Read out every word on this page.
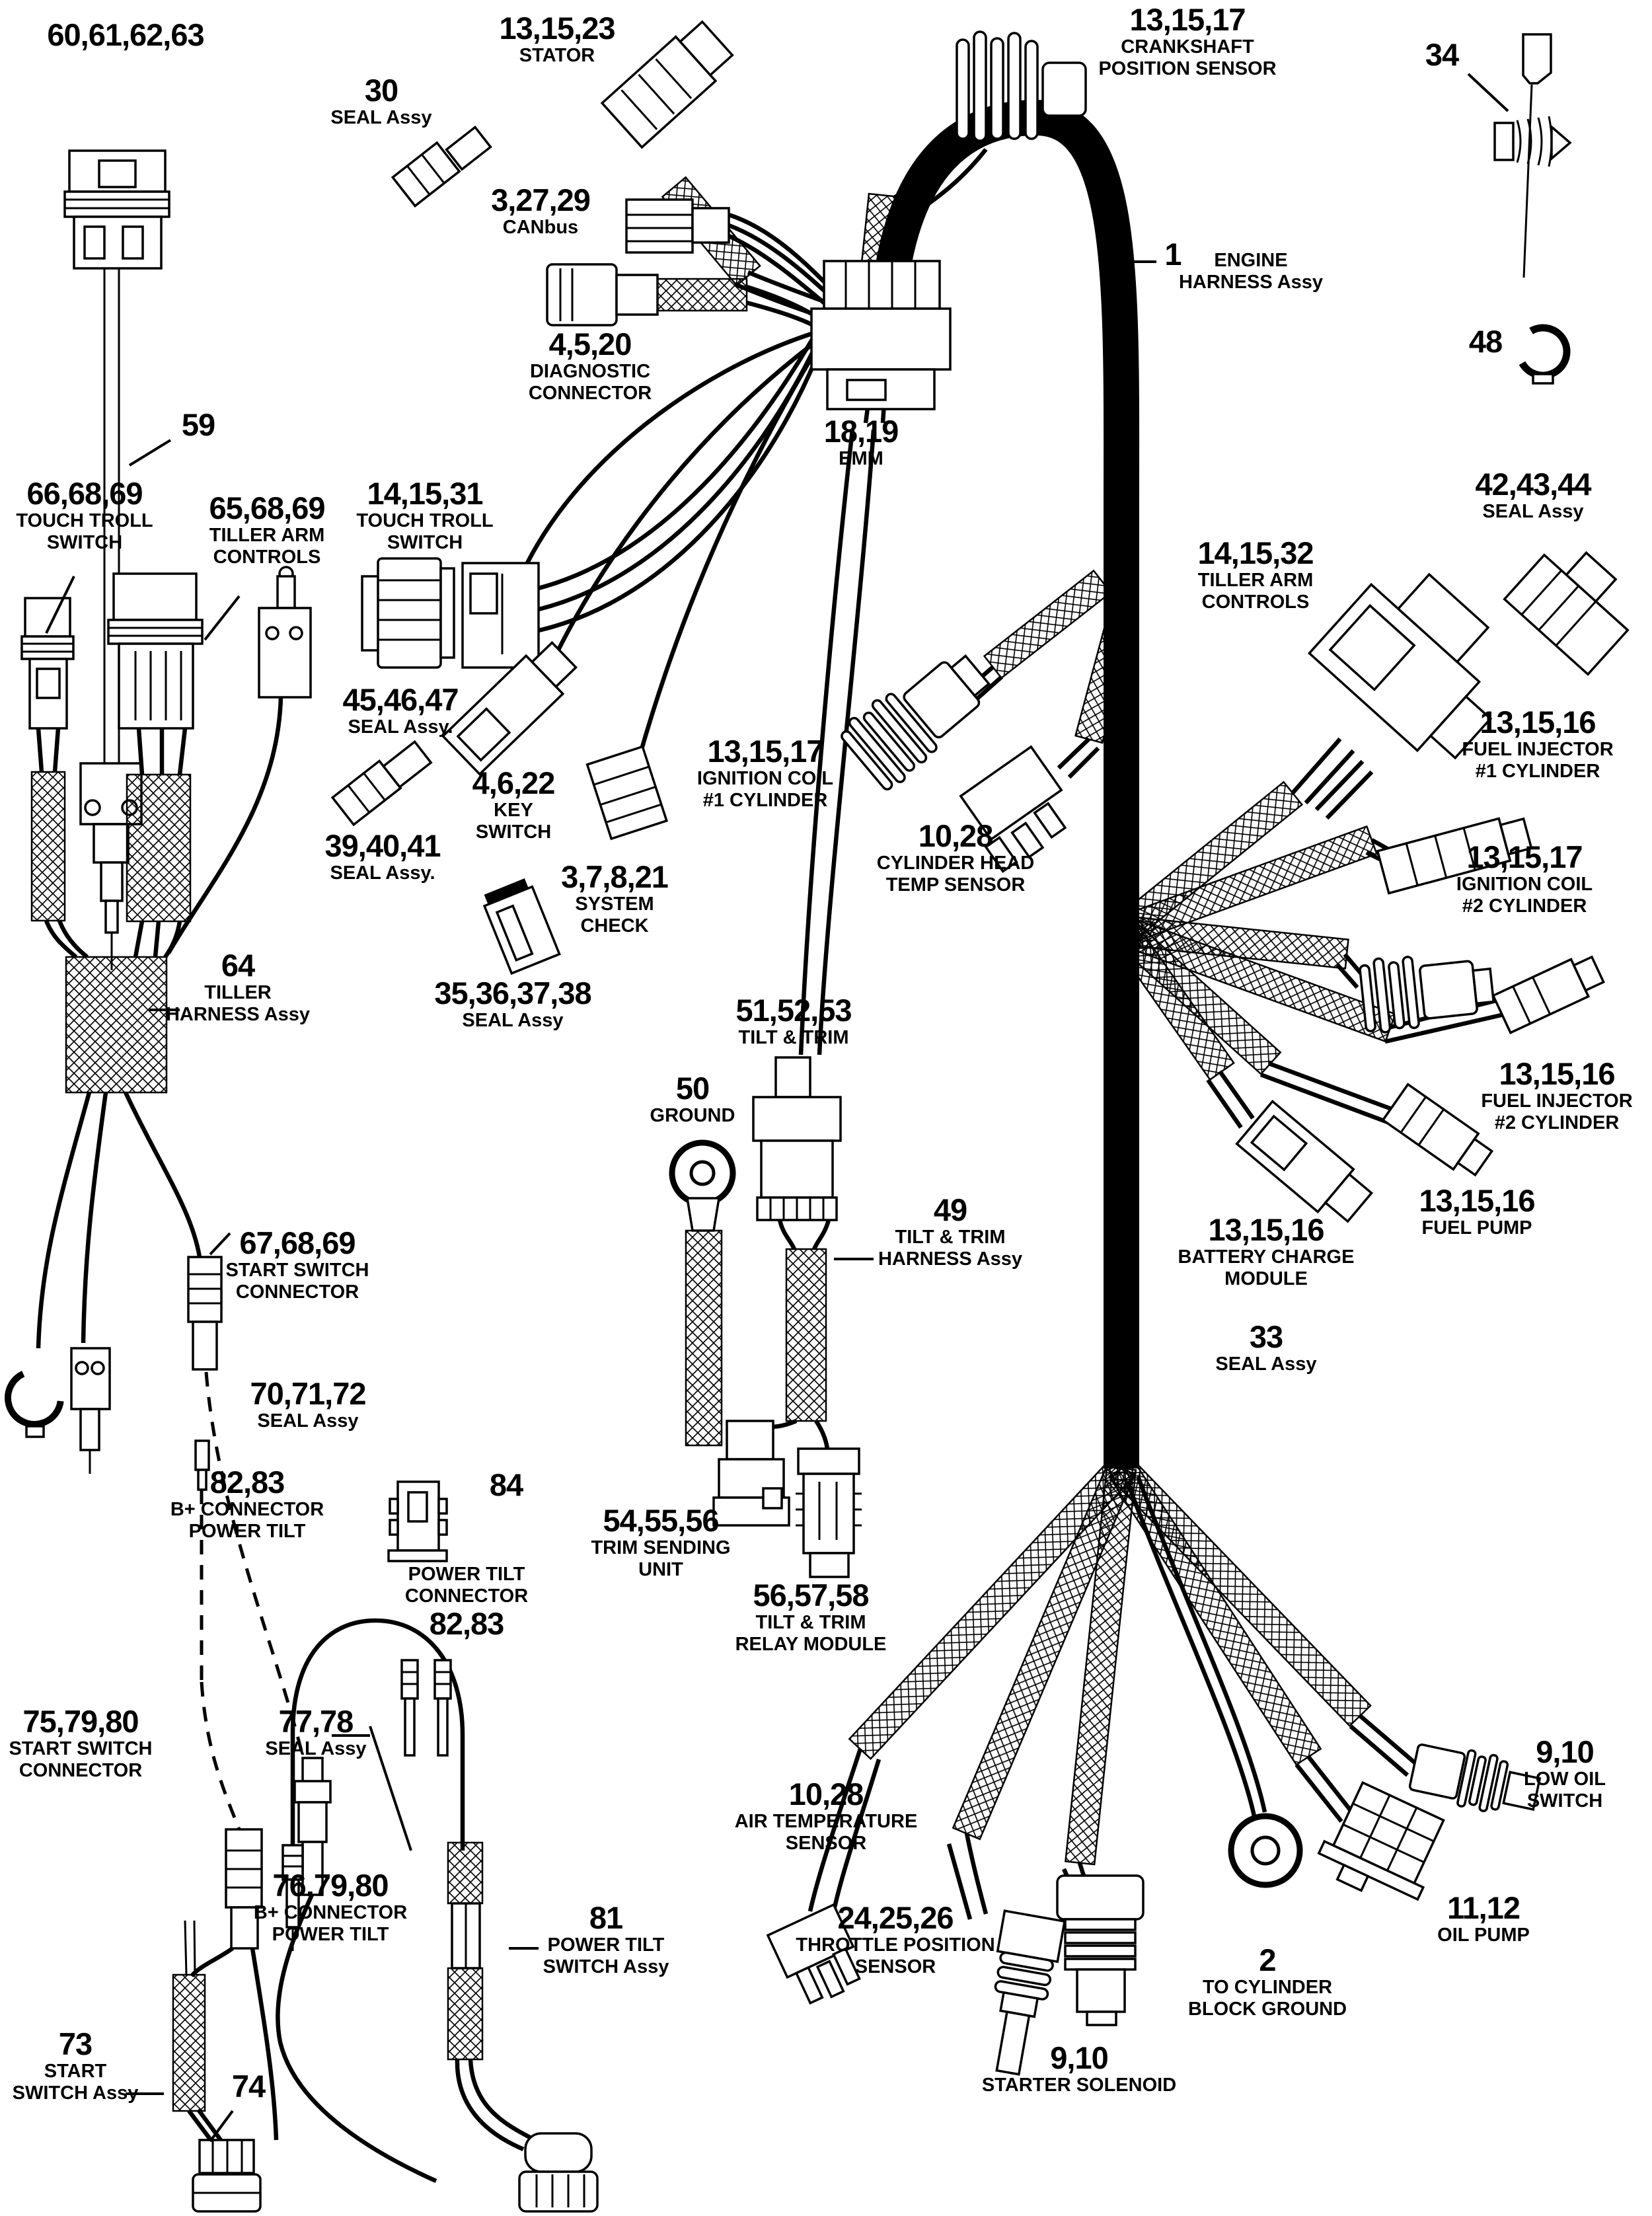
60,61,62,63
59
30
SEAL Assy
13,15,23
STATOR
3,27,29
CANbus
4,5,20
DIAGNOSTIC
CONNECTOR
18,19
EMM
13,15,17
CRANKSHAFT
POSITION SENSOR	34
1	ENGINE
HARNESS Assy
48
42,43,44
SEAL Assy
66,68,69
TOUCH TROLL
SWITCH
65,68,69
TILLER ARM
CONTROLS
14,15,31
TOUCH TROLL
SWITCH	14,15,32
TILLER ARM
CONTROLS
45,46,47
SEAL Assy.
4,6,22
KEY
SWITCH
39,40,41
SEAL Assy.
13,15,17
IGNITION COIL
#1 CYLINDER
10,28
CYLINDER HEAD
TEMP SENSOR
3,7,8,21
SYSTEM
CHECK
13,15,16
FUEL INJECTOR
#1 CYLINDER
13,15,17
IGNITION COIL
#2 CYLINDER
35,36,37,38
SEAL Assy
64
TILLER
HARNESS Assy	51,52,53
TILT & TRIM
50
GROUND
13,15,16
FUEL INJECTOR
#2 CYLINDER
13,15,16
FUEL PUMP
49
TILT & TRIM
HARNESS Assy
13,15,16
BATTERY CHARGE
MODULE
33
SEAL Assy
67,68,69
START SWITCH
CONNECTOR
70,71,72
SEAL Assy
82,83
B+ CONNECTOR
POWER TILT
84
POWER TILT
CONNECTOR
82,83
54,55,56
TRIM SENDING
UNIT
56,57,58
TILT & TRIM
RELAY MODULE
75,79,80
START SWITCH
CONNECTOR
77,78
SEAL Assy
10,28
AIR TEMPERATURE
SENSOR
9,10
LOW OIL
SWITCH
76,79,80
B+ CONNECTOR
POWER TILT
11,12
OIL PUMP
24,25,26
THROTTLE POSITION
SENSOR	2
TO CYLINDER
BLOCK GROUND
81
POWER TILT
SWITCH Assy
9,10
STARTER SOLENOID
73
START
SWITCH Assy	74
